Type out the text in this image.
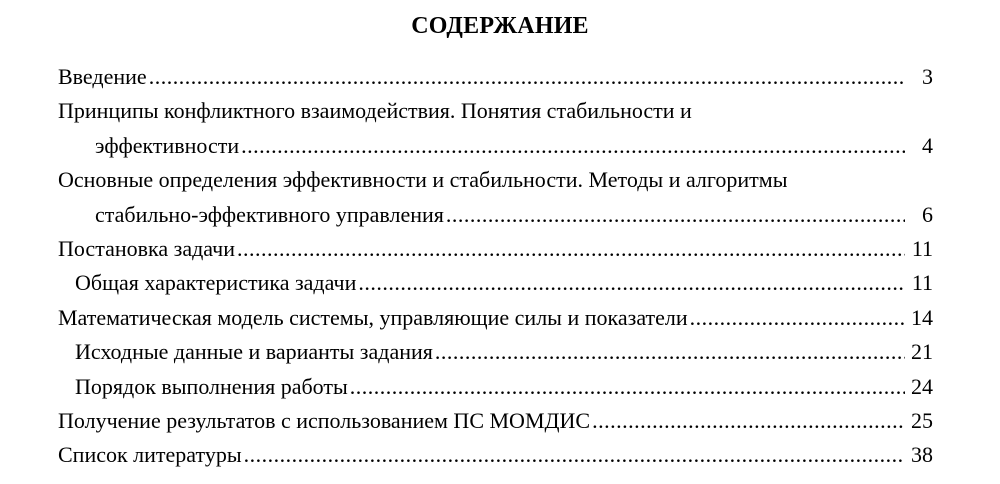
СОДЕРЖАНИЕ
Введение .....	3
Принципы конфликтного взаимодействия. Понятия стабильности и
эффективности .....	4
Основные определения эффективности и стабильности. Методы и алгоритмы
стабильно-эффективного управления .....	6
Постановка задачи .....	11
Общая характеристика задачи .....	11
Математическая модель системы, управляющие силы и показатели .....	14
Исходные данные и варианты задания .....	21
Порядок выполнения работы .....	24
Получение результатов с использованием ПС МОМДИС .....	25
Список литературы .....	38
